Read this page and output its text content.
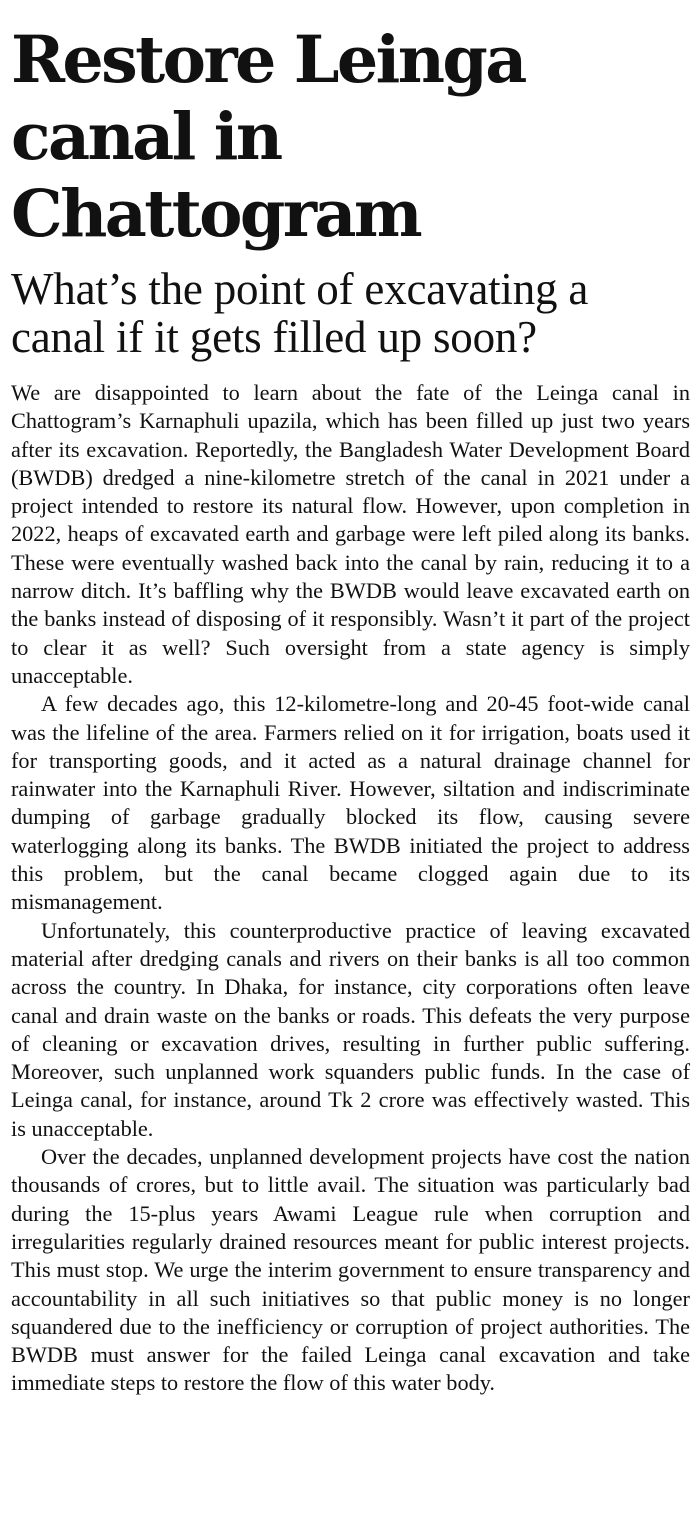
Restore Leinga canal in Chattogram
What’s the point of excavating a canal if it gets filled up soon?

We are disappointed to learn about the fate of the Leinga canal in Chattogram’s Karnaphuli upazila, which has been filled up just two years after its excavation. Reportedly, the Bangladesh Water Development Board (BWDB) dredged a nine-kilometre stretch of the canal in 2021 under a project intended to restore its natural flow. However, upon completion in 2022, heaps of excavated earth and garbage were left piled along its banks. These were eventually washed back into the canal by rain, reducing it to a narrow ditch. It’s baffling why the BWDB would leave excavated earth on the banks instead of disposing of it responsibly. Wasn’t it part of the project to clear it as well? Such oversight from a state agency is simply unacceptable.

A few decades ago, this 12-kilometre-long and 20-45 foot-wide canal was the lifeline of the area. Farmers relied on it for irrigation, boats used it for transporting goods, and it acted as a natural drainage channel for rainwater into the Karnaphuli River. However, siltation and indiscriminate dumping of garbage gradually blocked its flow, causing severe waterlogging along its banks. The BWDB initiated the project to address this problem, but the canal became clogged again due to its mismanagement.

Unfortunately, this counterproductive practice of leaving excavated material after dredging canals and rivers on their banks is all too common across the country. In Dhaka, for instance, city corporations often leave canal and drain waste on the banks or roads. This defeats the very purpose of cleaning or excavation drives, resulting in further public suffering. Moreover, such unplanned work squanders public funds. In the case of Leinga canal, for instance, around Tk 2 crore was effectively wasted. This is unacceptable.

Over the decades, unplanned development projects have cost the nation thousands of crores, but to little avail. The situation was particularly bad during the 15-plus years Awami League rule when corruption and irregularities regularly drained resources meant for public interest projects. This must stop. We urge the interim government to ensure transparency and accountability in all such initiatives so that public money is no longer squandered due to the inefficiency or corruption of project authorities. The BWDB must answer for the failed Leinga canal excavation and take immediate steps to restore the flow of this water body.
